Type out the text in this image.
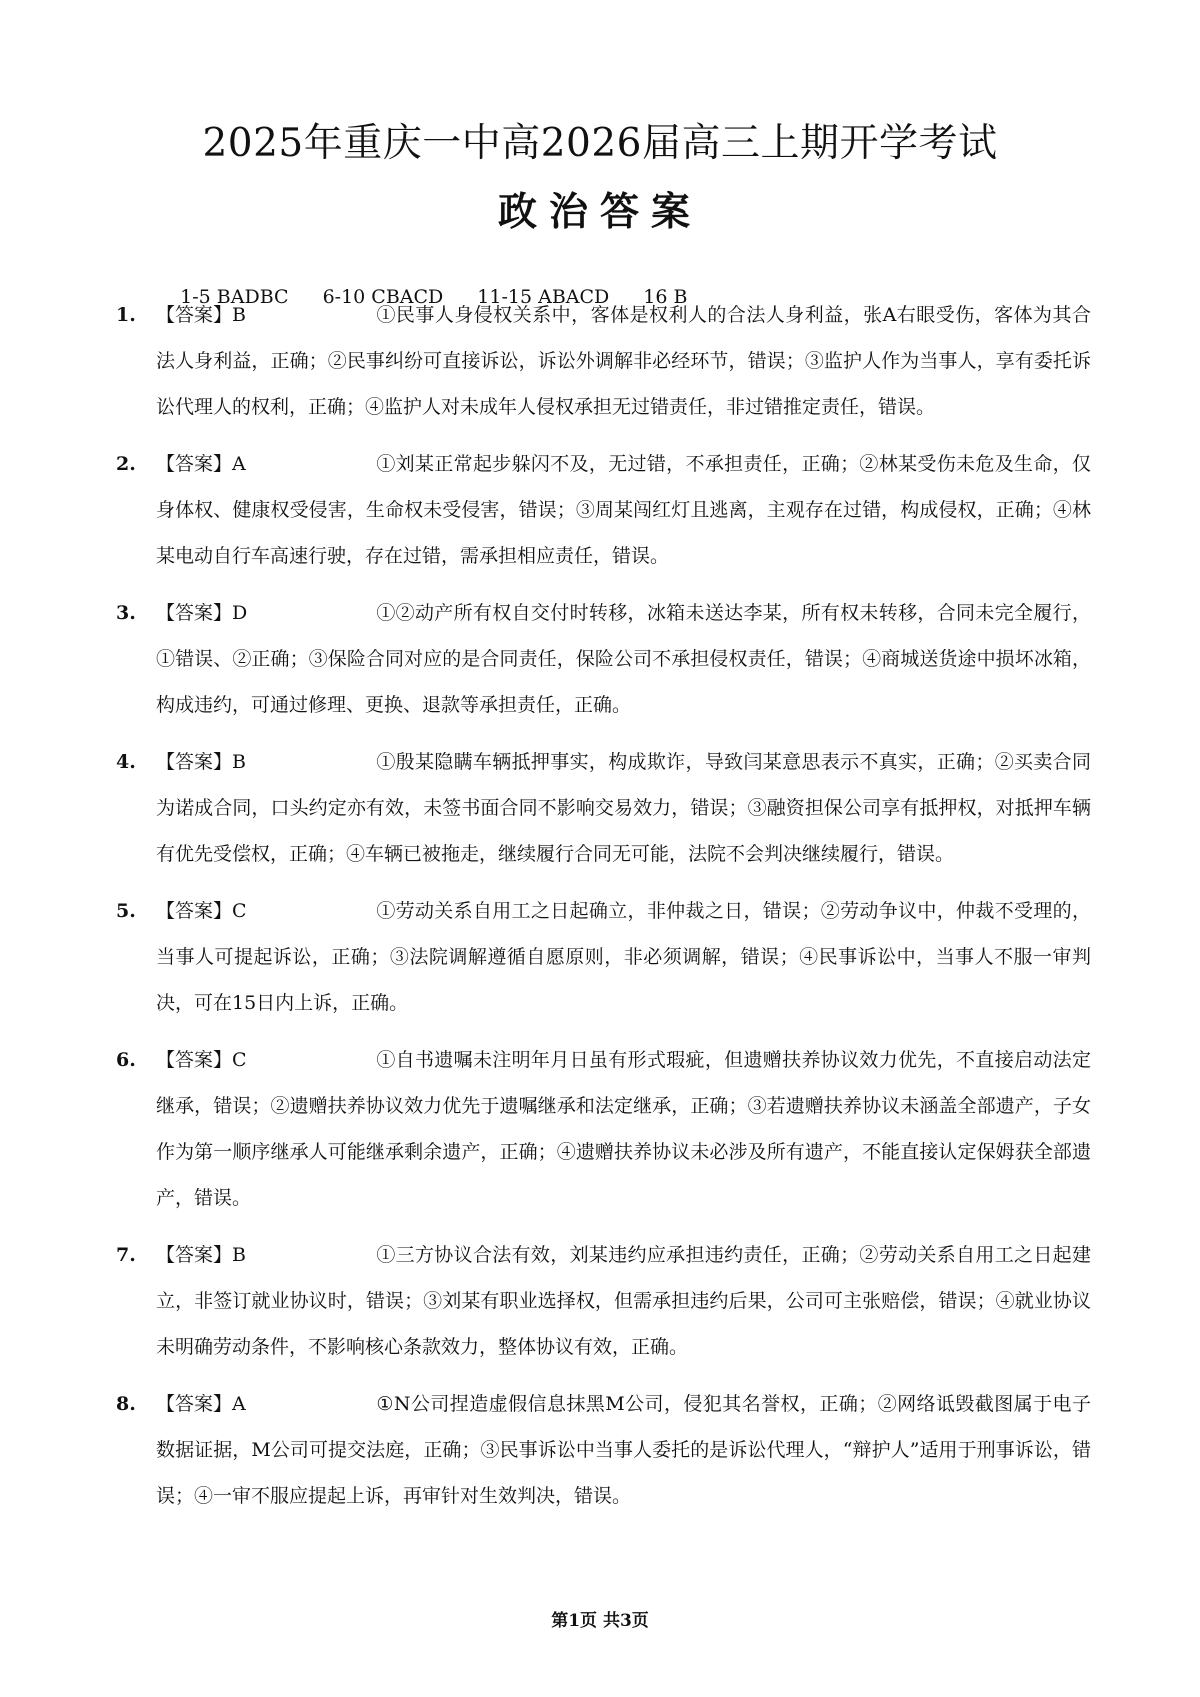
2025年重庆一中高2026届高三上期开学考试
政治答案

1-5 BADBC 6-10 CBACD 11-15 ABACD 16 B

1.	【答案】B	①民事人身侵权关系中，客体是权利人的合法人身利益，张A右眼受伤，客体为其合法人身利益，正确；②民事纠纷可直接诉讼，诉讼外调解非必经环节，错误；③监护人作为当事人，享有委托诉讼代理人的权利，正确；④监护人对未成年人侵权承担无过错责任，非过错推定责任，错误。
2.	【答案】A	①刘某正常起步躲闪不及，无过错，不承担责任，正确；②林某受伤未危及生命，仅身体权、健康权受侵害，生命权未受侵害，错误；③周某闯红灯且逃离，主观存在过错，构成侵权，正确；④林某电动自行车高速行驶，存在过错，需承担相应责任，错误。
3.	【答案】D	①②动产所有权自交付时转移，冰箱未送达李某，所有权未转移，合同未完全履行，①错误、②正确；③保险合同对应的是合同责任，保险公司不承担侵权责任，错误；④商城送货途中损坏冰箱，构成违约，可通过修理、更换、退款等承担责任，正确。
4.	【答案】B	①殷某隐瞒车辆抵押事实，构成欺诈，导致闫某意思表示不真实，正确；②买卖合同为诺成合同，口头约定亦有效，未签书面合同不影响交易效力，错误；③融资担保公司享有抵押权，对抵押车辆有优先受偿权，正确；④车辆已被拖走，继续履行合同无可能，法院不会判决继续履行，错误。
5.	【答案】C	①劳动关系自用工之日起确立，非仲裁之日，错误；②劳动争议中，仲裁不受理的，当事人可提起诉讼，正确；③法院调解遵循自愿原则，非必须调解，错误；④民事诉讼中，当事人不服一审判决，可在15日内上诉，正确。
6.	【答案】C	①自书遗嘱未注明年月日虽有形式瑕疵，但遗赠扶养协议效力优先，不直接启动法定继承，错误；②遗赠扶养协议效力优先于遗嘱继承和法定继承，正确；③若遗赠扶养协议未涵盖全部遗产，子女作为第一顺序继承人可能继承剩余遗产，正确；④遗赠扶养协议未必涉及所有遗产，不能直接认定保姆获全部遗产，错误。
7.	【答案】B	①三方协议合法有效，刘某违约应承担违约责任，正确；②劳动关系自用工之日起建立，非签订就业协议时，错误；③刘某有职业选择权，但需承担违约后果，公司可主张赔偿，错误；④就业协议未明确劳动条件，不影响核心条款效力，整体协议有效，正确。
8.	【答案】A	①N公司捏造虚假信息抹黑M公司，侵犯其名誉权，正确；②网络诋毁截图属于电子数据证据，M公司可提交法庭，正确；③民事诉讼中当事人委托的是诉讼代理人，“辩护人”适用于刑事诉讼，错误；④一审不服应提起上诉，再审针对生效判决，错误。
第1页 共3页
